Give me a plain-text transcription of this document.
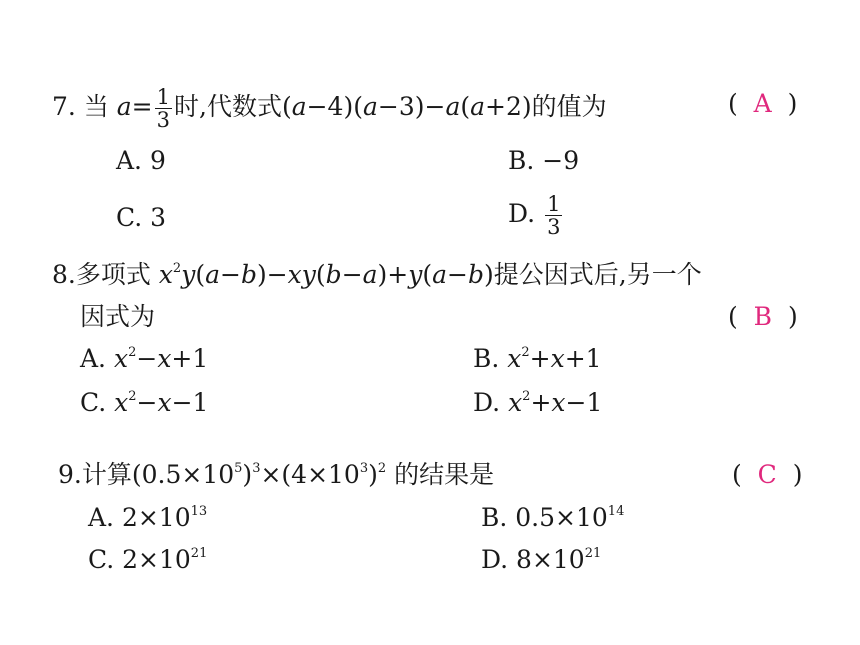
7. 当 $a= \frac{1}{3}$ 时,代数式(a−4)(a−3)−a(a+2)的值为	( A )
A. 9	B. −9
C. 3	D. $\frac{1}{3}$
8.多项式 $x^2y(a-b)-xy(b-a)+y(a-b)$提公因式后,另一个
因式为	( B )
A. $x^2-x+1$	B. $x^2+x+1$
C. $x^2-x-1$	D. $x^2+x-1$
9.计算$(0.5\times 10^5)^3\times(4\times 10^3)^2$ 的结果是	( C )
A. $2\times 10^{13}$	B. $0.5\times 10^{14}$
C. $2\times 10^{21}$	D. $8\times 10^{21}$
